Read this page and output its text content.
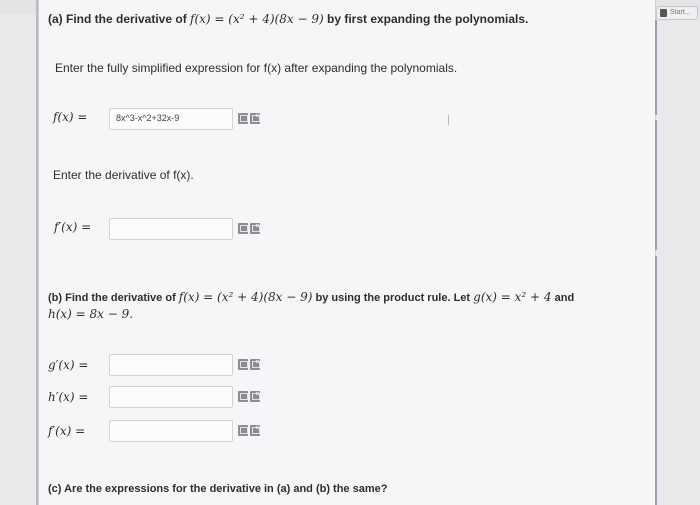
Start...
(a) Find the derivative of f(x) = (x² + 4)(8x − 9) by first expanding the polynomials.
Enter the fully simplified expression for f(x) after expanding the polynomials.
f(x) =	8x^3-x^2+32x-9
Enter the derivative of f(x).
f′(x) =
(b) Find the derivative of f(x) = (x² + 4)(8x − 9) by using the product rule. Let g(x) = x² + 4 and
h(x) = 8x − 9.
g′(x) =
h′(x) =
f′(x) =
(c) Are the expressions for the derivative in (a) and (b) the same?
